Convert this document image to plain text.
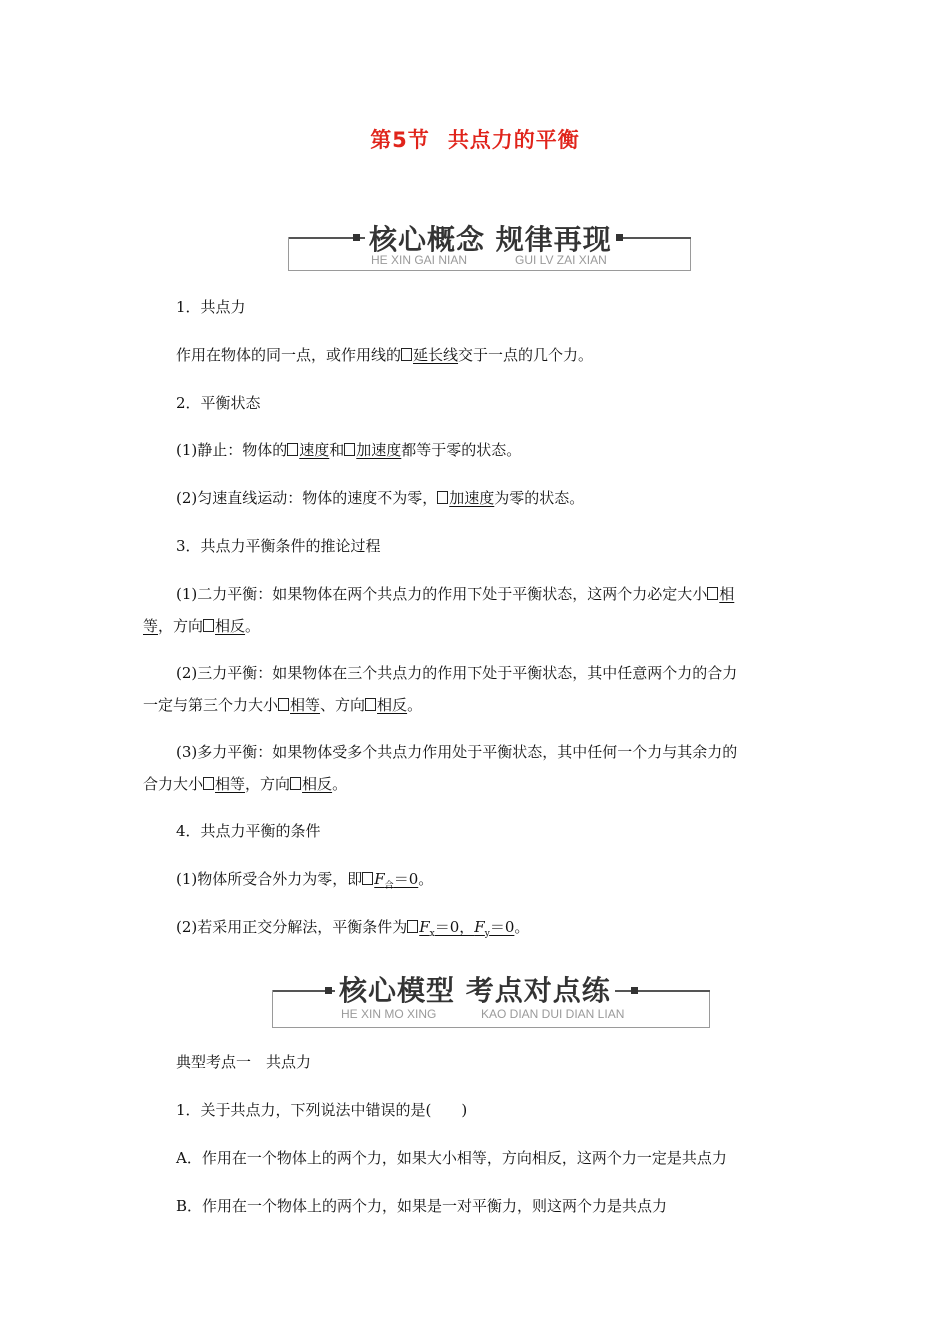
第5节 共点力的平衡
核心概念 规律再现
HE XIN GAI NIAN	GUI LV ZAI XIAN
1．共点力
作用在物体的同一点，或作用线的 延长线交于一点的几个力。
2．平衡状态
(1)静止：物体的 速度和 加速度都等于零的状态。
(2)匀速直线运动：物体的速度不为零， 加速度为零的状态。
3．共点力平衡条件的推论过程
(1)二力平衡：如果物体在两个共点力的作用下处于平衡状态，这两个力必定大小 相
等，方向 相反。
(2)三力平衡：如果物体在三个共点力的作用下处于平衡状态，其中任意两个力的合力
一定与第三个力大小 相等、方向 相反。
(3)多力平衡：如果物体受多个共点力作用处于平衡状态，其中任何一个力与其余力的
合力大小 相等，方向 相反。
4．共点力平衡的条件
(1)物体所受合外力为零，即 $F_合=0$。
(2)若采用正交分解法，平衡条件为 $F_x=0$，$F_y=0$。
核心模型 考点对点练
HE XIN MO XING	KAO DIAN DUI DIAN LIAN
典型考点一　共点力
1．关于共点力，下列说法中错误的是(　　)
A．作用在一个物体上的两个力，如果大小相等，方向相反，这两个力一定是共点力
B．作用在一个物体上的两个力，如果是一对平衡力，则这两个力是共点力
